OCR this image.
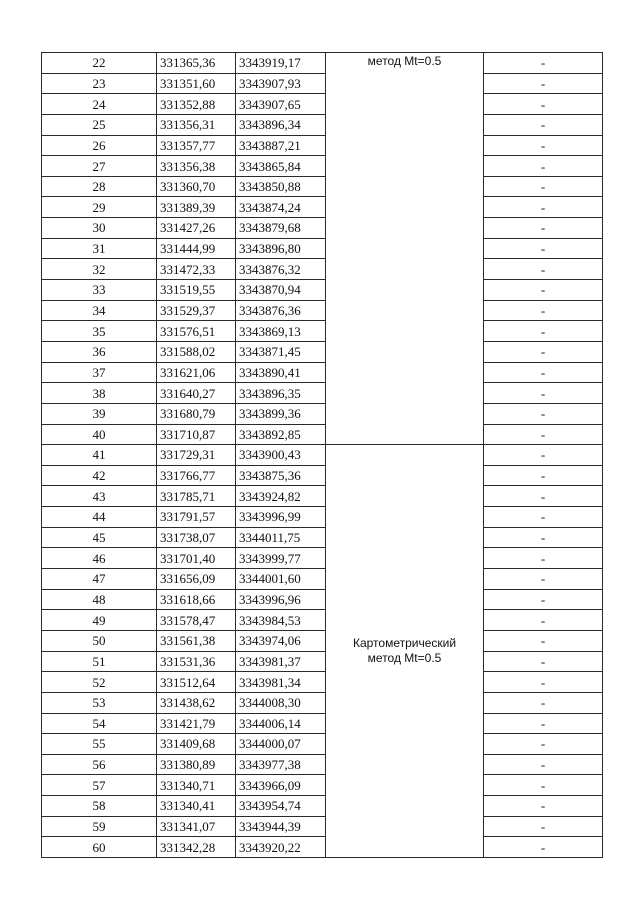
22	331365,36	3343919,17	метод Mt=0.5	-
23	331351,60	3343907,93		-
24	331352,88	3343907,65		-
25	331356,31	3343896,34		-
26	331357,77	3343887,21		-
27	331356,38	3343865,84		-
28	331360,70	3343850,88		-
29	331389,39	3343874,24		-
30	331427,26	3343879,68		-
31	331444,99	3343896,80		-
32	331472,33	3343876,32		-
33	331519,55	3343870,94		-
34	331529,37	3343876,36		-
35	331576,51	3343869,13		-
36	331588,02	3343871,45		-
37	331621,06	3343890,41		-
38	331640,27	3343896,35		-
39	331680,79	3343899,36		-
40	331710,87	3343892,85		-
41	331729,31	3343900,43	Картометрический
метод Mt=0.5	-
42	331766,77	3343875,36		-
43	331785,71	3343924,82		-
44	331791,57	3343996,99		-
45	331738,07	3344011,75		-
46	331701,40	3343999,77		-
47	331656,09	3344001,60		-
48	331618,66	3343996,96		-
49	331578,47	3343984,53		-
50	331561,38	3343974,06		-
51	331531,36	3343981,37		-
52	331512,64	3343981,34		-
53	331438,62	3344008,30		-
54	331421,79	3344006,14		-
55	331409,68	3344000,07		-
56	331380,89	3343977,38		-
57	331340,71	3343966,09		-
58	331340,41	3343954,74		-
59	331341,07	3343944,39		-
60	331342,28	3343920,22		-
